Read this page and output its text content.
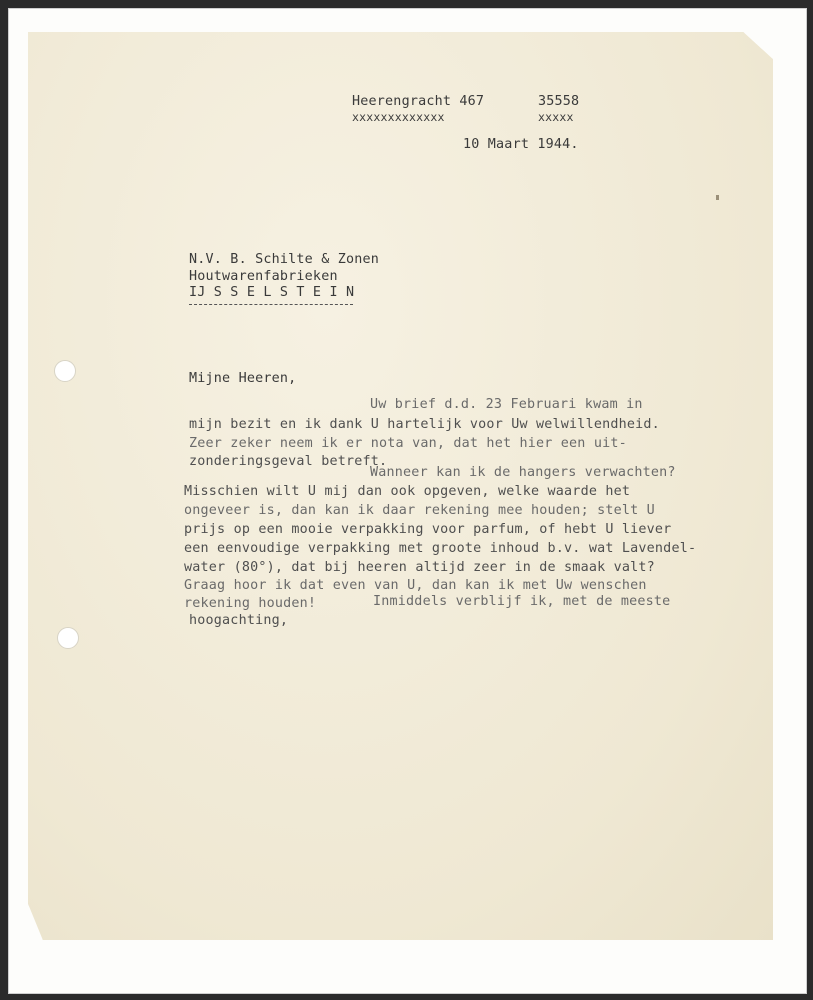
Heerengracht 467
xxxxxxxxxxxxx
35558
xxxxx
10 Maart 1944.
N.V. B. Schilte & Zonen
Houtwarenfabrieken
IJ S S E L S T E I N
Mijne Heeren,
Uw brief d.d. 23 Februari kwam in
mijn bezit en ik dank U hartelijk voor Uw welwillendheid.
Zeer zeker neem ik er nota van, dat het hier een uit-
zonderingsgeval betreft.
Wanneer kan ik de hangers verwachten?
Misschien wilt U mij dan ook opgeven, welke waarde het
ongeveer is, dan kan ik daar rekening mee houden; stelt U
prijs op een mooie verpakking voor parfum, of hebt U liever
een eenvoudige verpakking met groote inhoud b.v. wat Lavendel-
water (80°), dat bij heeren altijd zeer in de smaak valt?
Graag hoor ik dat even van U, dan kan ik met Uw wenschen
rekening houden!	Inmiddels verblijf ik, met de meeste
hoogachting,
